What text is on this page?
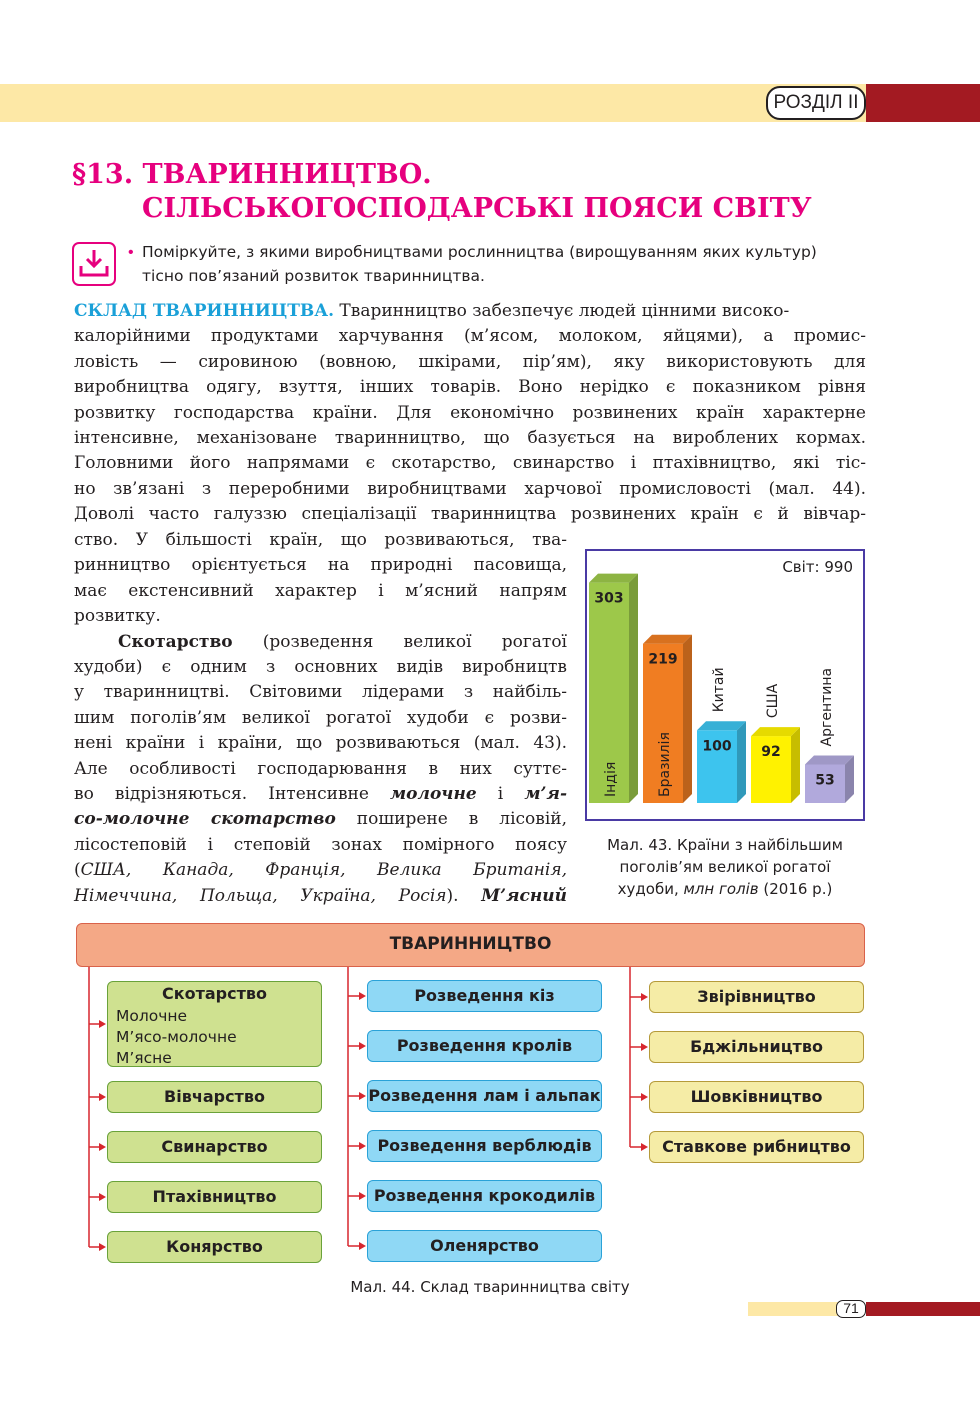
РОЗДІЛ II
§13. ТВАРИННИЦТВО.
СІЛЬСЬКОГОСПОДАРСЬКІ ПОЯСИ СВІТУ
• Поміркуйте, з якими виробництвами рослинництва (вирощуванням яких культур)
тісно пов’язаний розвиток тваринництва.
СКЛАД ТВАРИННИЦТВА. Тваринництво забезпечує людей цінними високо-
калорійними продуктами харчування (м’ясом, молоком, яйцями), а промис-
ловість — сировиною (вовною, шкірами, пір’ям), яку використовують для
виробництва одягу, взуття, інших товарів. Воно нерідко є показником рівня
розвитку господарства країни. Для економічно розвинених країн характерне
інтенсивне, механізоване тваринництво, що базується на вироблених кормах.
Головними його напрямами є скотарство, свинарство і птахівництво, які тіс-
но зв’язані з переробними виробництвами харчової промисловості (мал. 44).
Доволі часто галуззю спеціалізації тваринництва розвинених країн є й вівчар-
ство. У більшості країн, що розвиваються, тва-
ринництво орієнтується на природні пасовища,
має екстенсивний характер і м’ясний напрям
розвитку.
Скотарство (розведення великої рогатої
худоби) є одним з основних видів виробництв
у тваринництві. Світовими лідерами з найбіль-
шим поголів’ям великої рогатої худоби є розви-
нені країни і країни, що розвиваються (мал. 43).
Але особливості господарювання в них суттє-
во відрізняються. Інтенсивне молочне і м’я-
со-молочне скотарство поширене в лісовій,
лісостеповій і степовій зонах помірного поясу
(США, Канада, Франція, Велика Британія,
Німеччина, Польща, Україна, Росія). М’ясний
Світ: 990
303
Індія
219
Бразилія 100
Китай
92
США
53
Аргентина
Мал. 43. Країни з найбільшим
поголів’ям великої рогатої
худоби, млн голів (2016 р.)
ТВАРИННИЦТВО
Скотарство
Молочне
М’ясо-молочне
М’ясне
Вівчарство
Свинарство
Птахівництво
Конярство
Розведення кіз
Розведення кролів
Розведення лам і альпак
Розведення верблюдів
Розведення крокодилів
Оленярство
Звірівництво
Бджільництво
Шовківництво
Ставкове рибництво
Мал. 44. Склад тваринництва світу
71
